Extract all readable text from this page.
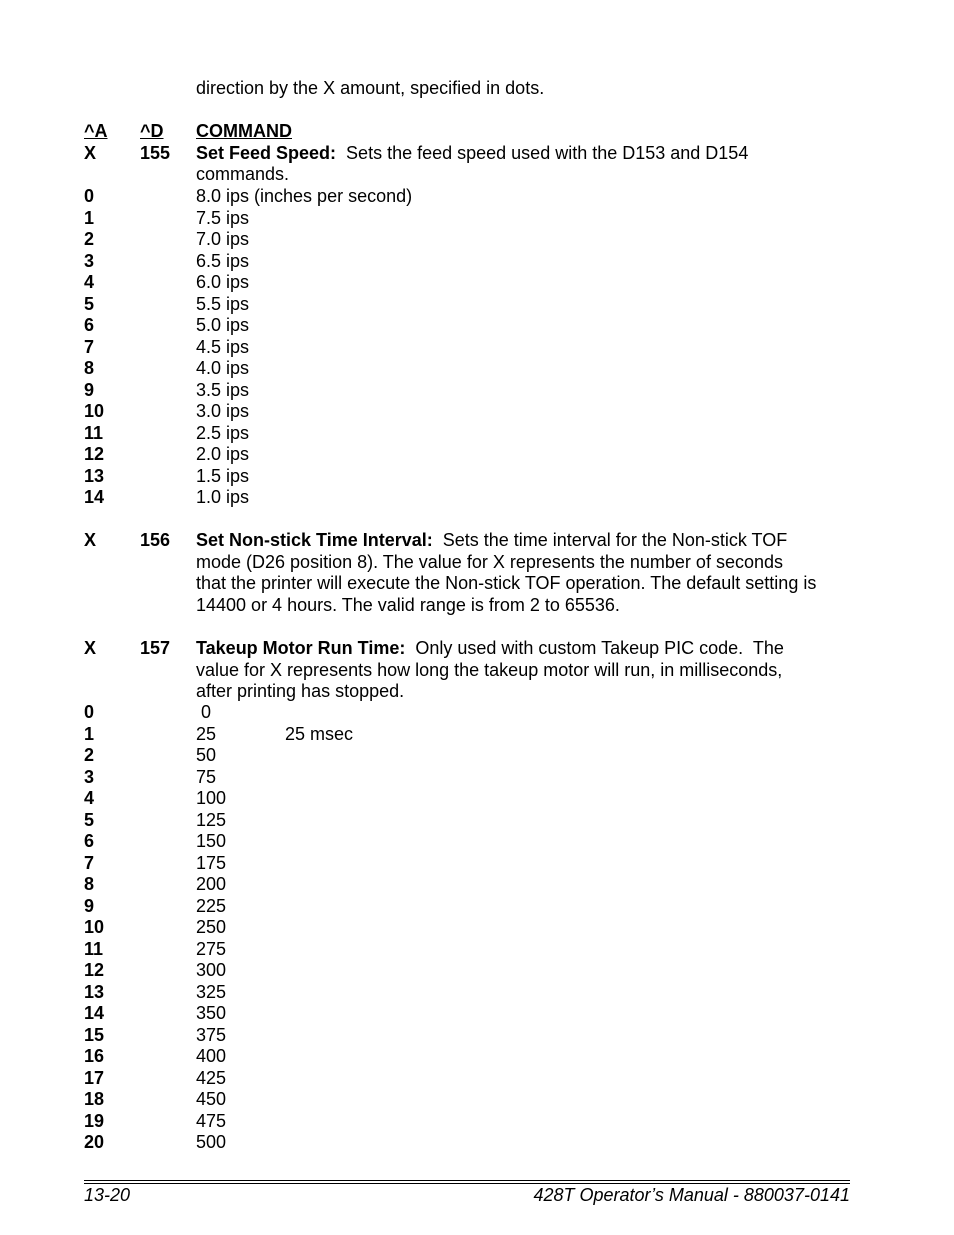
direction by the X amount, specified in dots.
^A ^D COMMAND
X 155 Set Feed Speed:  Sets the feed speed used with the D153 and D154
commands.
0	8.0 ips (inches per second)
1	7.5 ips
2	7.0 ips
3	6.5 ips
4	6.0 ips
5	5.5 ips
6	5.0 ips
7	4.5 ips
8	4.0 ips
9	3.5 ips
10	3.0 ips
11	2.5 ips
12	2.0 ips
13	1.5 ips
14	1.0 ips
X 156 Set Non-stick Time Interval:  Sets the time interval for the Non-stick TOF
mode (D26 position 8). The value for X represents the number of seconds
that the printer will execute the Non-stick TOF operation. The default setting is
14400 or 4 hours. The valid range is from 2 to 65536.
X 157 Takeup Motor Run Time:  Only used with custom Takeup PIC code.  The
value for X represents how long the takeup motor will run, in milliseconds,
after printing has stopped.
0	0
1	25	25 msec
2	50
3	75
4	100
5	125
6	150
7	175
8	200
9	225
10	250
11	275
12	300
13	325
14	350
15	375
16	400
17	425
18	450
19	475
20	500
13-20	428T Operator’s Manual - 880037-0141
